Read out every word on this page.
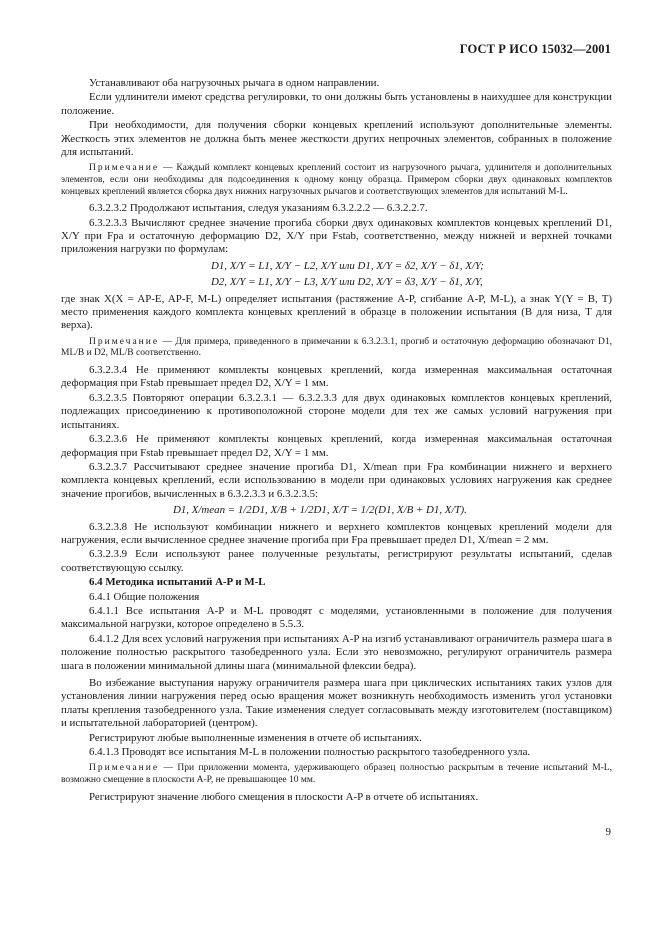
ГОСТ Р ИСО 15032—2001
Устанавливают оба нагрузочных рычага в одном направлении.
Если удлинители имеют средства регулировки, то они должны быть установлены в наихудшее для конструкции положение.
При необходимости, для получения сборки концевых креплений используют дополнительные элементы. Жесткость этих элементов не должна быть менее жесткости других непрочных элементов, собранных в положение для испытаний.
Примечание — Каждый комплект концевых креплений состоит из нагрузочного рычага, удлинителя и дополнительных элементов, если они необходимы для подсоединения к одному концу образца. Примером сборки двух одинаковых комплектов концевых креплений является сборка двух нижних нагрузочных рычагов и соответствующих элементов для испытаний M-L.
6.3.2.3.2 Продолжают испытания, следуя указаниям 6.3.2.2.2 — 6.3.2.2.7.
6.3.2.3.3 Вычисляют среднее значение прогиба сборки двух одинаковых комплектов концевых креплений D1, X/Y при Fpa и остаточную деформацию D2, X/Y при Fstab, соответственно, между нижней и верхней точками приложения нагрузки по формулам:
D1, X/Y = L1, X/Y − L2, X/Y или D1, X/Y = δ2, X/Y − δ1, X/Y;
D2, X/Y = L1, X/Y − L3, X/Y или D2, X/Y = δ3, X/Y − δ1, X/Y,
где знак X(X = AP-E, AP-F, M-L) определяет испытания (растяжение A-P, сгибание A-P, M-L), а знак Y(Y = B, T) место применения каждого комплекта концевых креплений в образце в положении испытания (B для низа, T для верха).
Примечание — Для примера, приведенного в примечании к 6.3.2.3.1, прогиб и остаточную деформацию обозначают D1, ML/B и D2, ML/B соответственно.
6.3.2.3.4 Не применяют комплекты концевых креплений, когда измеренная максимальная остаточная деформация при Fstab превышает предел D2, X/Y = 1 мм.
6.3.2.3.5 Повторяют операции 6.3.2.3.1 — 6.3.2.3.3 для двух одинаковых комплектов концевых креплений, подлежащих присоединению к противоположной стороне модели для тех же самых условий нагружения при испытаниях.
6.3.2.3.6 Не применяют комплекты концевых креплений, когда измеренная максимальная остаточная деформация при Fstab превышает предел D2, X/Y = 1 мм.
6.3.2.3.7 Рассчитывают среднее значение прогиба D1, X/mean при Fpa комбинации нижнего и верхнего комплекта концевых креплений, если использованию в модели при одинаковых условиях нагружения как среднее значение прогибов, вычисленных в 6.3.2.3.3 и 6.3.2.3.5:
D1, X/mean = 1/2D1, X/B + 1/2D1, X/T = 1/2(D1, X/B + D1, X/T).
6.3.2.3.8 Не используют комбинации нижнего и верхнего комплектов концевых креплений модели для нагружения, если вычисленное среднее значение прогиба при Fpa превышает предел D1, X/mean = 2 мм.
6.3.2.3.9 Если используют ранее полученные результаты, регистрируют результаты испытаний, сделав соответствующую ссылку.
6.4 Методика испытаний A-P и M-L
6.4.1 Общие положения
6.4.1.1 Все испытания A-P и M-L проводят с моделями, установленными в положение для получения максимальной нагрузки, которое определено в 5.5.3.
6.4.1.2 Для всех условий нагружения при испытаниях A-P на изгиб устанавливают ограничитель размера шага в положение полностью раскрытого тазобедренного узла. Если это невозможно, регулируют ограничитель размера шага в положении минимальной длины шага (минимальной флексии бедра).
Во избежание выступания наружу ограничителя размера шага при циклических испытаниях таких узлов для установления линии нагружения перед осью вращения может возникнуть необходимость изменить угол установки платы крепления тазобедренного узла. Такие изменения следует согласовывать между изготовителем (поставщиком) и испытательной лабораторией (центром).
Регистрируют любые выполненные изменения в отчете об испытаниях.
6.4.1.3 Проводят все испытания M-L в положении полностью раскрытого тазобедренного узла.
Примечание — При приложении момента, удерживающего образец полностью раскрытым в течение испытаний M-L, возможно смещение в плоскости A-P, не превышающее 10 мм.
Регистрируют значение любого смещения в плоскости A-P в отчете об испытаниях.
9
